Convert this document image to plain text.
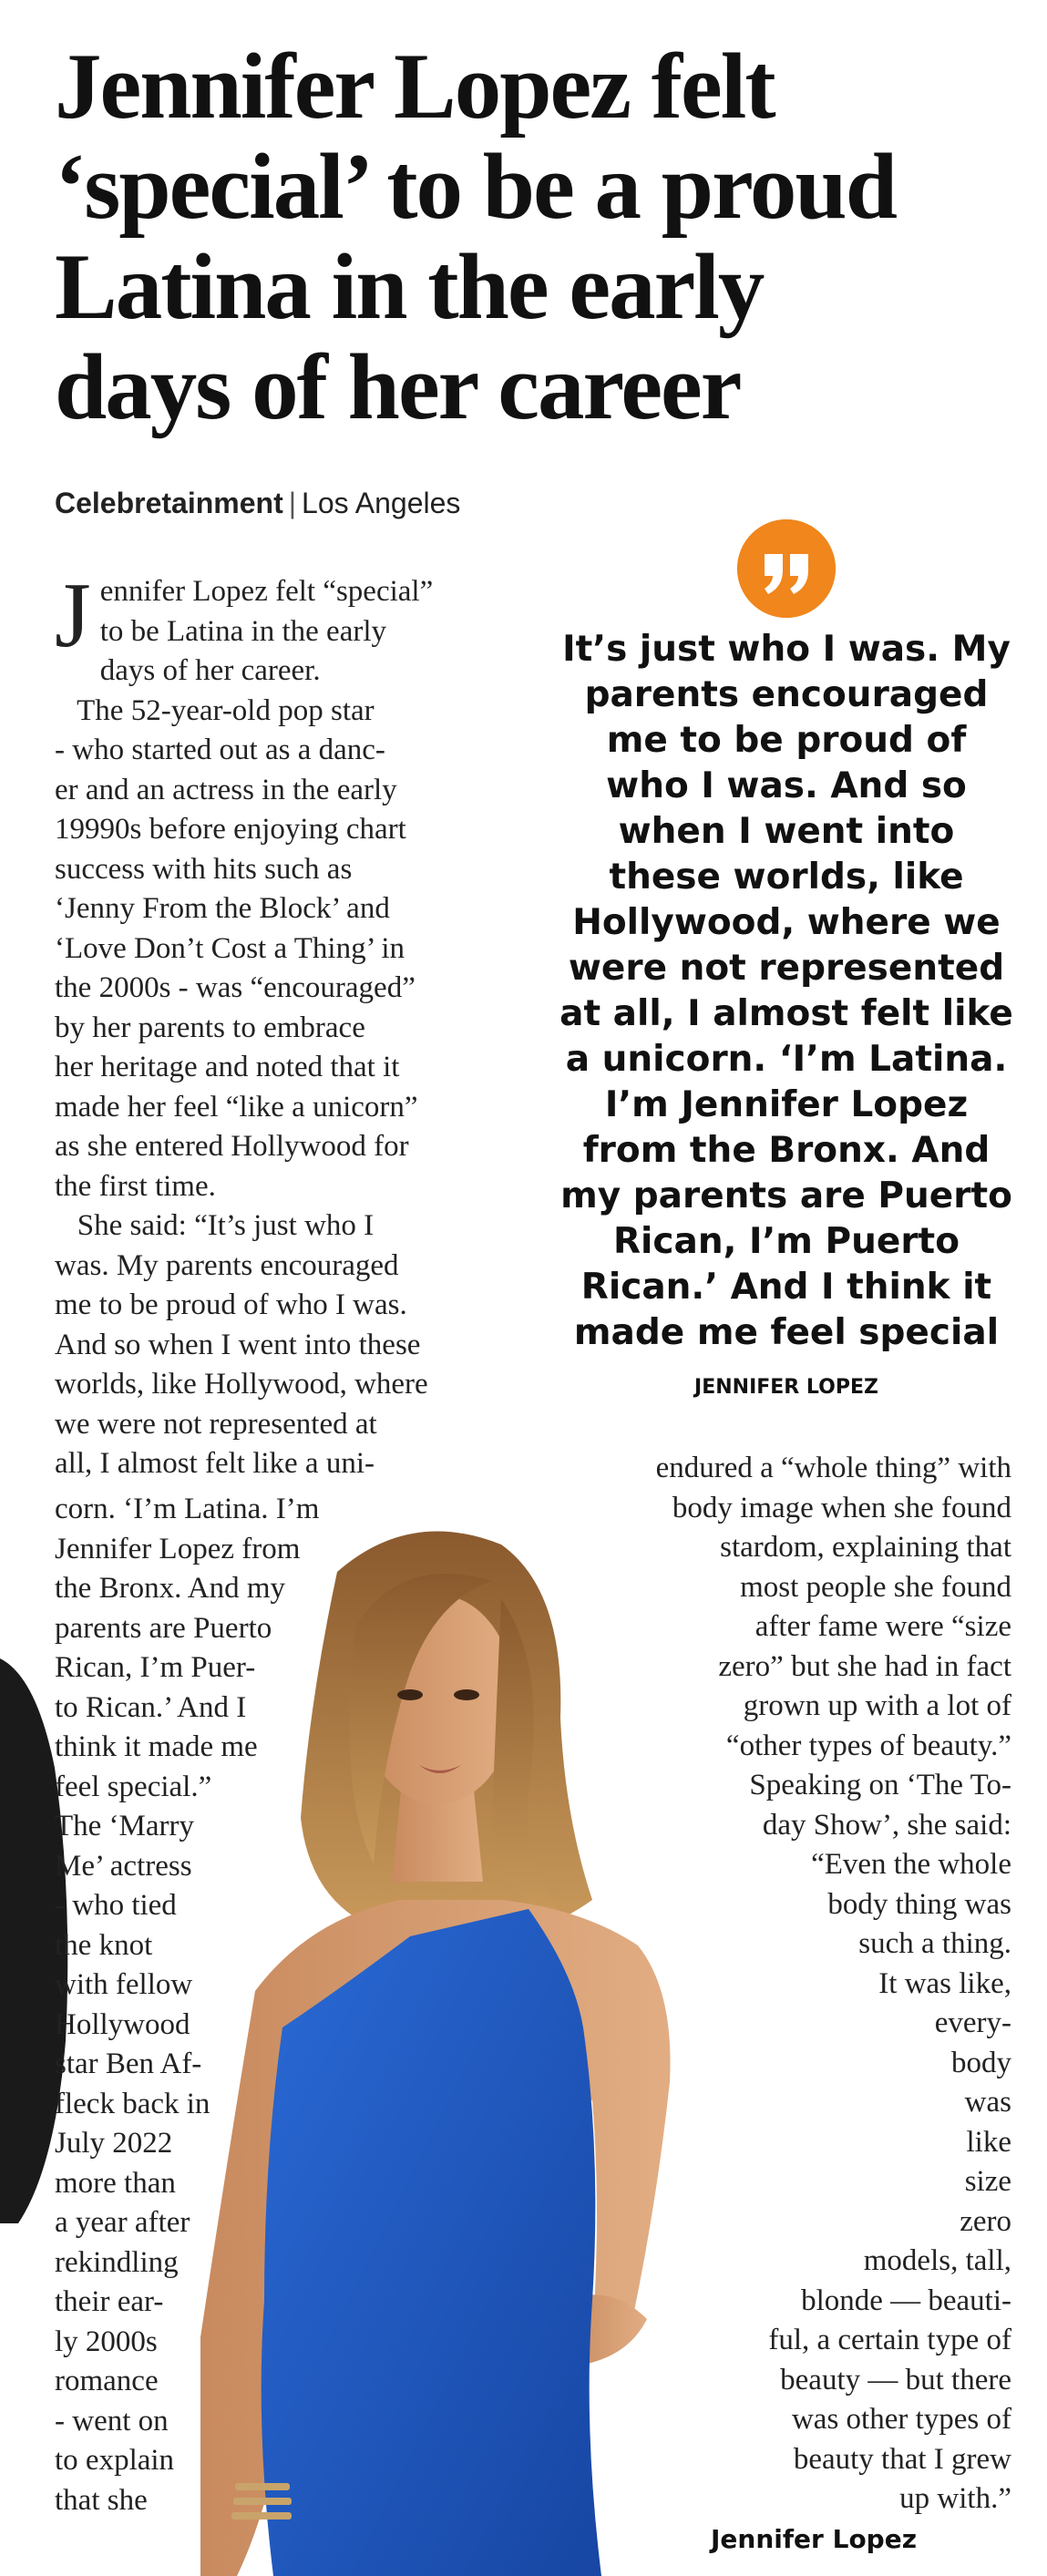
Jennifer Lopez felt
‘special’ to be a proud
Latina in the early
days of her career
Celebretainment | Los Angeles
J ennifer Lopez felt “special”
to be Latina in the early
days of her career.
The 52-year-old pop star
- who started out as a danc-
er and an actress in the early
19990s before enjoying chart
success with hits such as
‘Jenny From the Block’ and
‘Love Don’t Cost a Thing’ in
the 2000s - was “encouraged”
by her parents to embrace
her heritage and noted that it
made her feel “like a unicorn”
as she entered Hollywood for
the first time.
She said: “It’s just who I
was. My parents encouraged
me to be proud of who I was.
And so when I went into these
worlds, like Hollywood, where
we were not represented at
all, I almost felt like a uni-
It’s just who I was. My
parents encouraged
me to be proud of
who I was. And so
when I went into
these worlds, like
Hollywood, where we
were not represented
at all, I almost felt like
a unicorn. ‘I’m Latina.
I’m Jennifer Lopez
from the Bronx. And
my parents are Puerto
Rican, I’m Puerto
Rican.’ And I think it
made me feel special
JENNIFER LOPEZ
corn. ‘I’m Latina. I’m
Jennifer Lopez from
the Bronx. And my
parents are Puerto
Rican, I’m Puer-
to Rican.’ And I
think it made me
feel special.”
The ‘Marry
Me’ actress
- who tied
the knot
with fellow
Hollywood
star Ben Af-
fleck back in
July 2022
more than
a year after
rekindling
their ear-
ly 2000s
romance
- went on
to explain
that she
endured a “whole thing” with
body image when she found
stardom, explaining that
most people she found
after fame were “size
zero” but she had in fact
grown up with a lot of
“other types of beauty.”
Speaking on ‘The To-
day Show’, she said:
“Even the whole
body thing was
such a thing.
It was like,
every-
body
was
like
size
zero
models, tall,
blonde — beauti-
ful, a certain type of
beauty — but there
was other types of
beauty that I grew
up with.”
Jennifer Lopez
